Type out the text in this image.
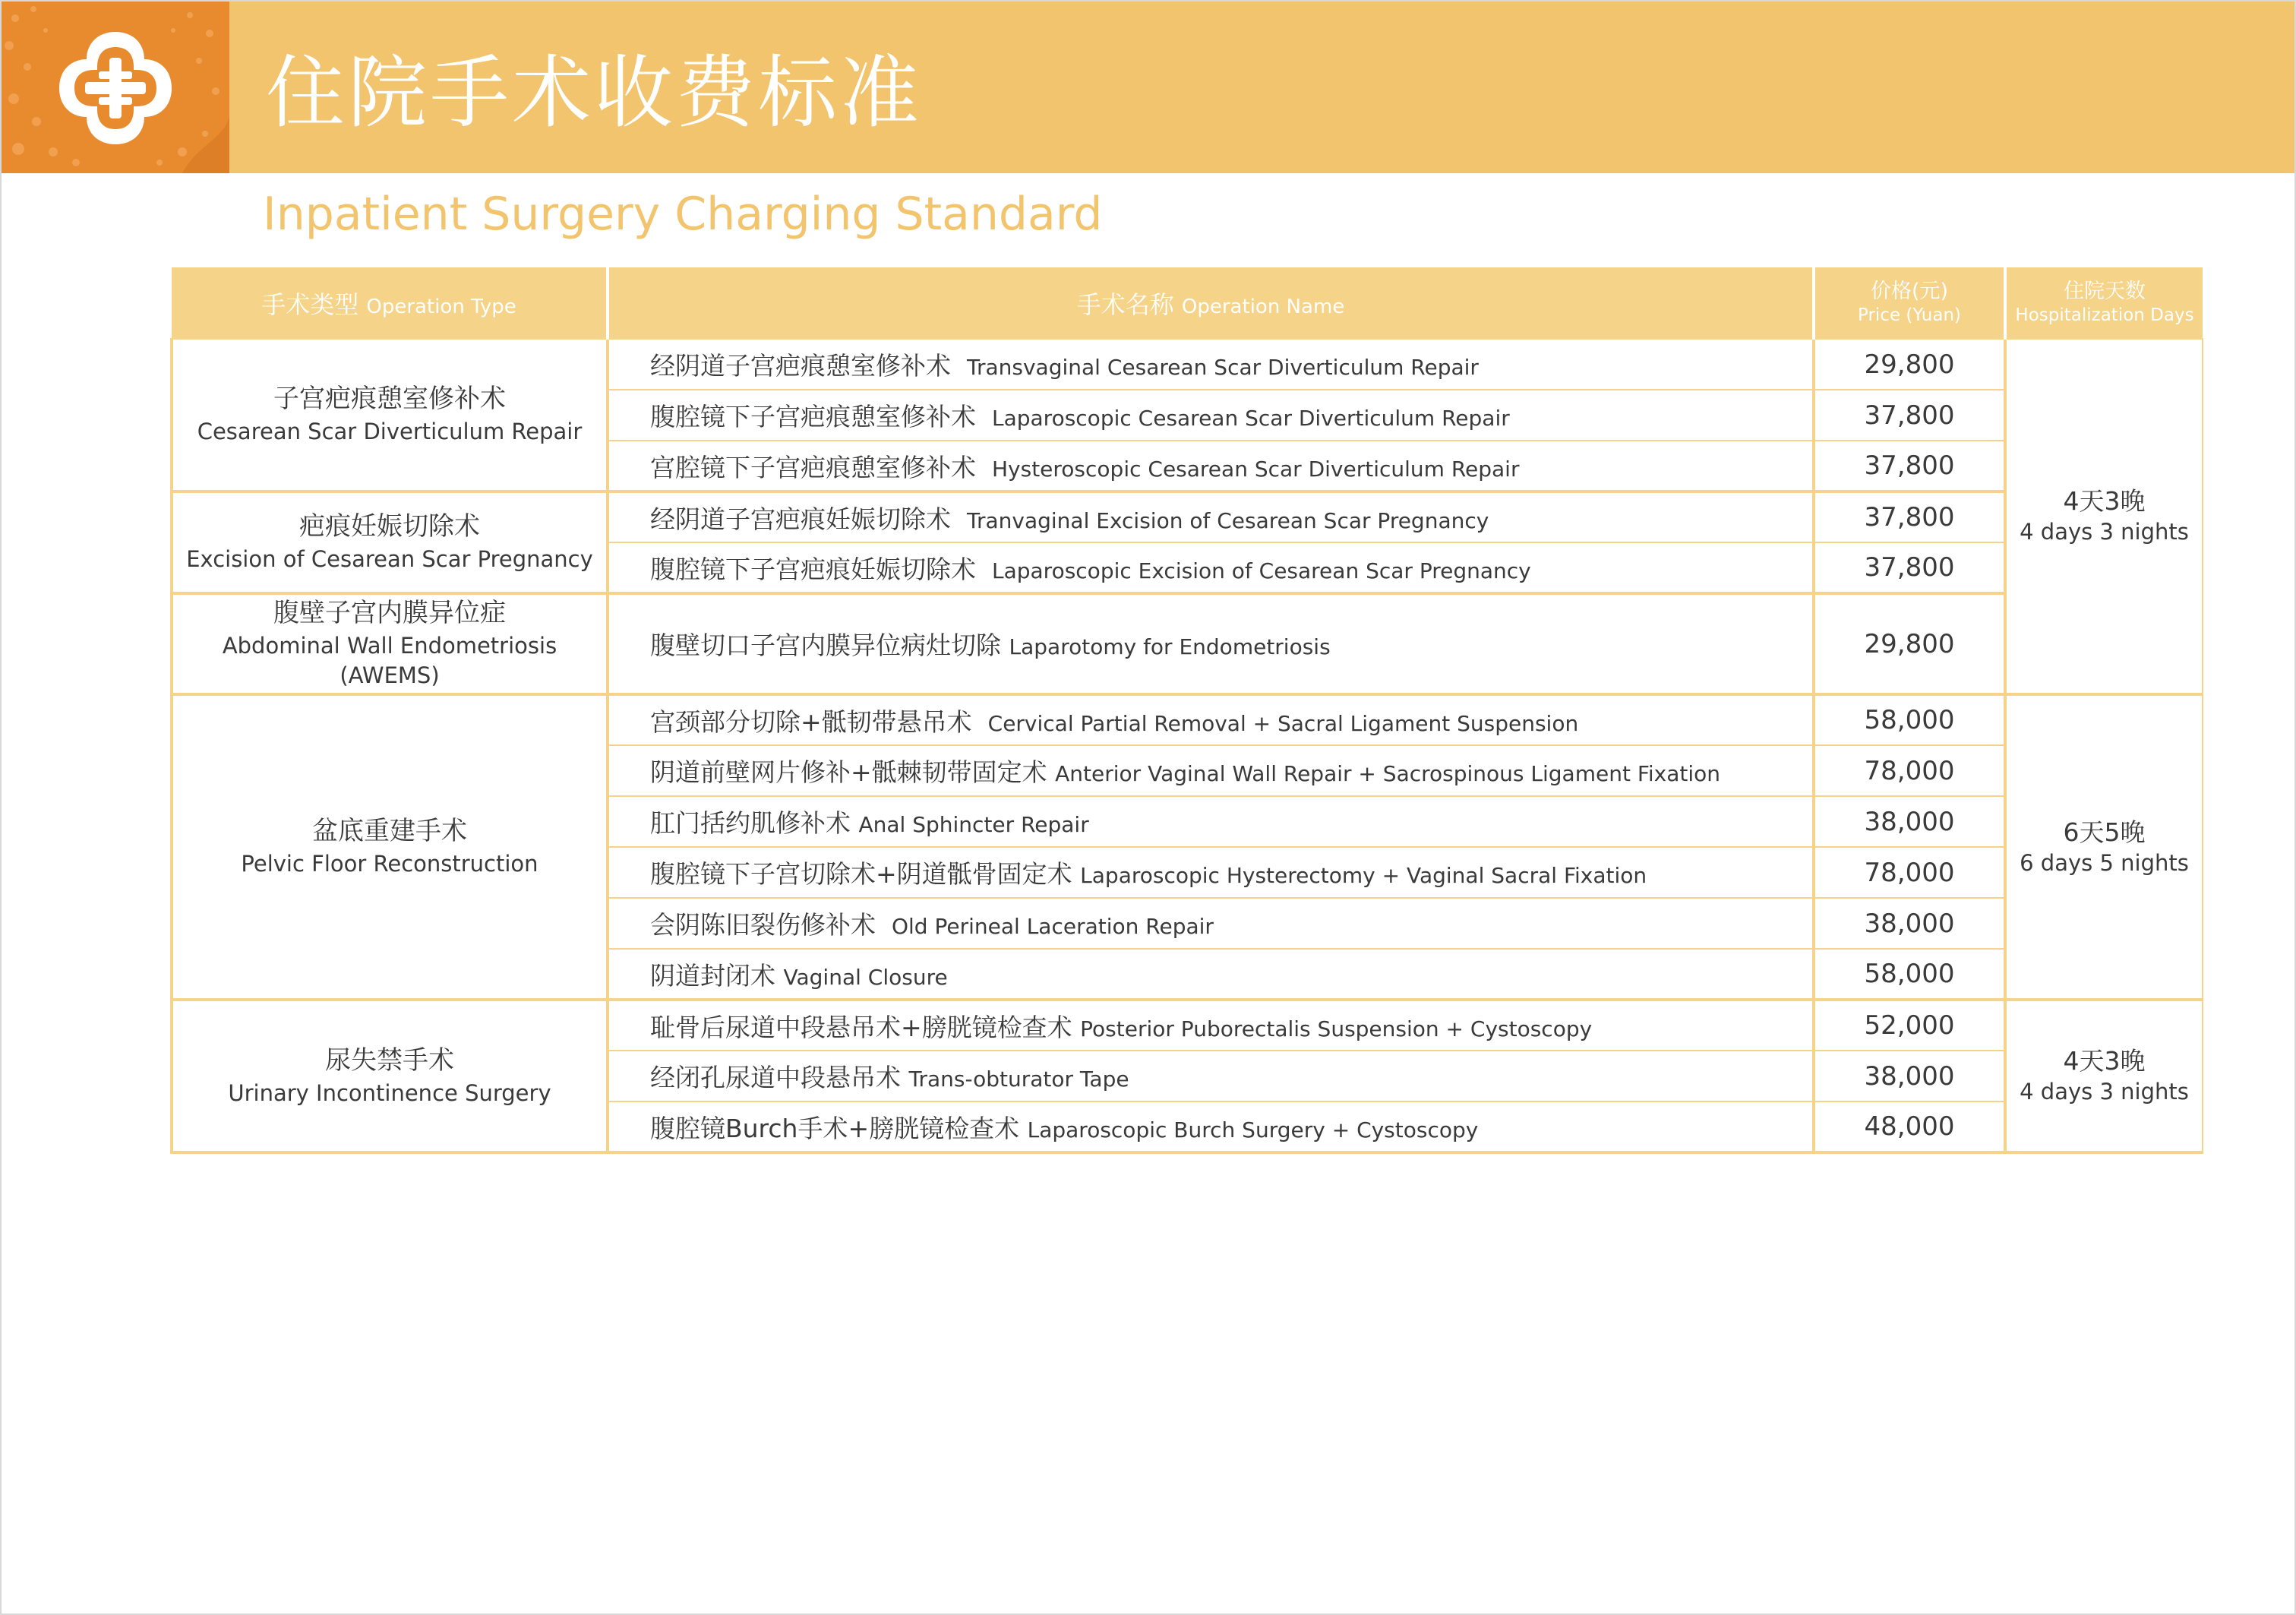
住院手术收费标准
Inpatient Surgery Charging Standard
手术类型 Operation Type	手术名称 Operation Name	价格(元)
Price (Yuan)	住院天数
Hospitalization Days

子宫疤痕憩室修补术
Cesarean Scar Diverticulum Repair	经阴道子宫疤痕憩室修补术 Transvaginal Cesarean Scar Diverticulum Repair	29,800	4天3晚
4 days 3 nights

	腹腔镜下子宫疤痕憩室修补术 Laparoscopic Cesarean Scar Diverticulum Repair	37,800	
	宫腔镜下子宫疤痕憩室修补术 Hysteroscopic Cesarean Scar Diverticulum Repair	37,800	

疤痕妊娠切除术
Excision of Cesarean Scar Pregnancy	经阴道子宫疤痕妊娠切除术 Tranvaginal Excision of Cesarean Scar Pregnancy	37,800	
	腹腔镜下子宫疤痕妊娠切除术 Laparoscopic Excision of Cesarean Scar Pregnancy	37,800	

腹壁子宫内膜异位症
Abdominal Wall Endometriosis (AWEMS)	腹壁切口子宫内膜异位病灶切除 Laparotomy for Endometriosis	29,800	

盆底重建手术
Pelvic Floor Reconstruction	宫颈部分切除+骶韧带悬吊术 Cervical Partial Removal + Sacral Ligament Suspension	58,000	6天5晚
6 days 5 nights

	阴道前壁网片修补+骶棘韧带固定术 Anterior Vaginal Wall Repair + Sacrospinous Ligament Fixation	78,000	
	肛门括约肌修补术 Anal Sphincter Repair	38,000	
	腹腔镜下子宫切除术+阴道骶骨固定术 Laparoscopic Hysterectomy + Vaginal Sacral Fixation	78,000	
	会阴陈旧裂伤修补术 Old Perineal Laceration Repair	38,000	
	阴道封闭术 Vaginal Closure	58,000	

尿失禁手术
Urinary Incontinence Surgery	耻骨后尿道中段悬吊术+膀胱镜检查术 Posterior Puborectalis Suspension + Cystoscopy	52,000	4天3晚
4 days 3 nights

	经闭孔尿道中段悬吊术 Trans-obturator Tape	38,000	
	腹腔镜Burch手术+膀胱镜检查术 Laparoscopic Burch Surgery + Cystoscopy	48,000	
